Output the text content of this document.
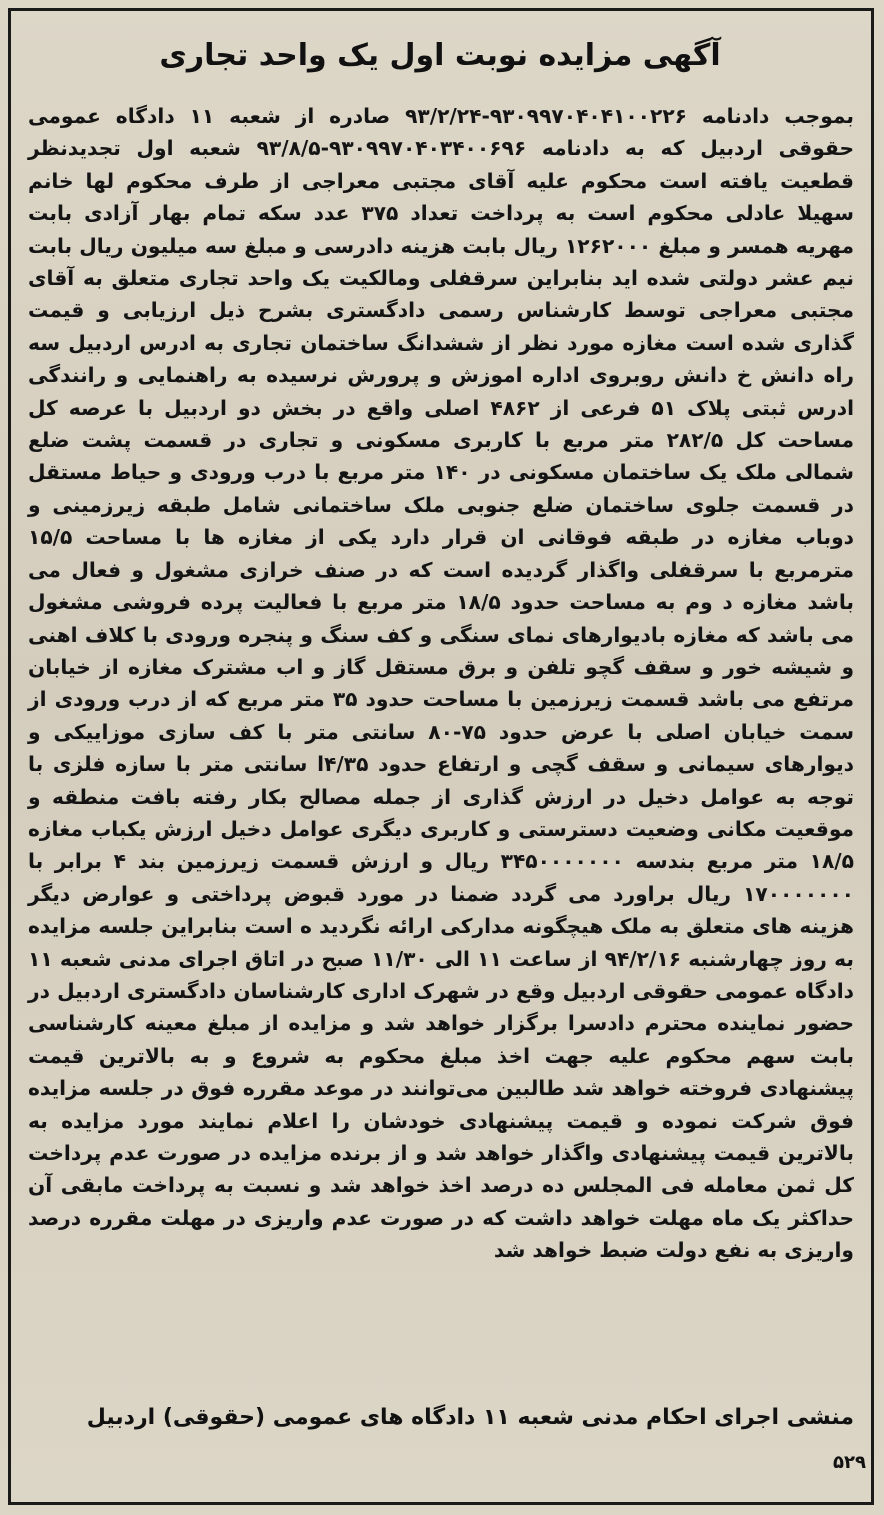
آگهی مزایده نوبت اول یک واحد تجاری
بموجب دادنامه ۹۳۰۹۹۷۰۴۰۴۱۰۰۲۲۶-۹۳/۲/۲۴ صادره از شعبه ۱۱ دادگاه عمومی حقوقی اردبیل که به دادنامه ۹۳۰۹۹۷۰۴۰۳۴۰۰۶۹۶-۹۳/۸/۵ شعبه اول تجدیدنظر قطعیت یافته است محکوم علیه آقای مجتبی معراجی از طرف محکوم لها خانم سهیلا عادلی محکوم است به پرداخت تعداد ۳۷۵ عدد سکه تمام بهار آزادی بابت مهریه همسر و مبلغ ۱۲۶۲۰۰۰ ریال بابت هزینه دادرسی و مبلغ سه میلیون ریال بابت نیم عشر دولتی شده اید بنابراین سرقفلی ومالکیت یک واحد تجاری متعلق به آقای مجتبی معراجی توسط کارشناس رسمی دادگستری بشرح ذیل ارزیابی و قیمت گذاری شده است مغازه مورد نظر از ششدانگ ساختمان تجاری به ادرس اردبیل سه راه دانش خ دانش روبروی اداره اموزش و پرورش نرسیده به راهنمایی و رانندگی ادرس ثبتی پلاک ۵۱ فرعی از ۴۸۶۲ اصلی واقع در بخش دو اردبیل با عرصه کل مساحت کل ۲۸۲/۵ متر مربع با کاربری مسکونی و تجاری در قسمت پشت ضلع شمالی ملک یک ساختمان مسکونی در ۱۴۰ متر مربع با درب ورودی و حیاط مستقل در قسمت جلوی ساختمان ضلع جنوبی ملک ساختمانی شامل طبقه زیرزمینی و دوباب مغازه در طبقه فوقانی ان قرار دارد یکی از مغازه ها با مساحت ۱۵/۵ مترمربع با سرقفلی واگذار گردیده است که در صنف خرازی مشغول و فعال می باشد مغازه د وم به مساحت حدود ۱۸/۵ متر مربع با فعالیت پرده فروشی مشغول می باشد که مغازه بادیوارهای نمای سنگی و کف سنگ و پنجره ورودی با کلاف اهنی و شیشه خور و سقف گچو تلفن و برق مستقل گاز و اب مشترک مغازه از خیابان مرتفع می باشد قسمت زیرزمین با مساحت حدود ۳۵ متر مربع که از درب ورودی از سمت خیابان اصلی با عرض حدود ۷۵-۸۰ سانتی متر با کف سازی موزاییکی و دیوارهای سیمانی و سقف گچی و ارتفاع حدود ۴/۳۵ا سانتی متر با سازه فلزی با توجه به عوامل دخیل در ارزش گذاری از جمله مصالح بکار رفته بافت منطقه و موقعیت مکانی وضعیت دسترستی و کاربری دیگری عوامل دخیل ارزش یکباب مغازه ۱۸/۵ متر مربع بندسه ۳۴۵۰۰۰۰۰۰۰ ریال و ارزش قسمت زیرزمین بند ۴ برابر با ۱۷۰۰۰۰۰۰۰ ریال براورد می گردد ضمنا در مورد قبوض پرداختی و عوارض دیگر هزینه های متعلق به ملک هیچگونه مدارکی ارائه نگردید ه است بنابراین جلسه مزایده به روز چهارشنبه ۹۴/۲/۱۶ از ساعت ۱۱ الی ۱۱/۳۰ صبح در اتاق اجرای مدنی شعبه ۱۱ دادگاه عمومی حقوقی اردبیل وقع در شهرک اداری کارشناسان دادگستری اردبیل در حضور نماینده محترم دادسرا برگزار خواهد شد و مزایده از مبلغ معینه کارشناسی بابت سهم محکوم علیه جهت اخذ مبلغ محکوم به شروع و به بالاترین قیمت پیشنهادی فروخته خواهد شد طالبین می‌توانند در موعد مقرره فوق در جلسه مزایده فوق شرکت نموده و قیمت پیشنهادی خودشان را اعلام نمایند مورد مزایده به بالاترین قیمت پیشنهادی واگذار خواهد شد و از برنده مزایده در صورت عدم پرداخت کل ثمن معامله فی المجلس ده درصد اخذ خواهد شد و نسبت به پرداخت مابقی آن حداکثر یک ماه مهلت خواهد داشت که در صورت عدم واریزی در مهلت مقرره درصد واریزی به نفع دولت ضبط خواهد شد
منشی اجرای احکام مدنی شعبه ۱۱ دادگاه های عمومی (حقوقی) اردبیل
۵۲۹
